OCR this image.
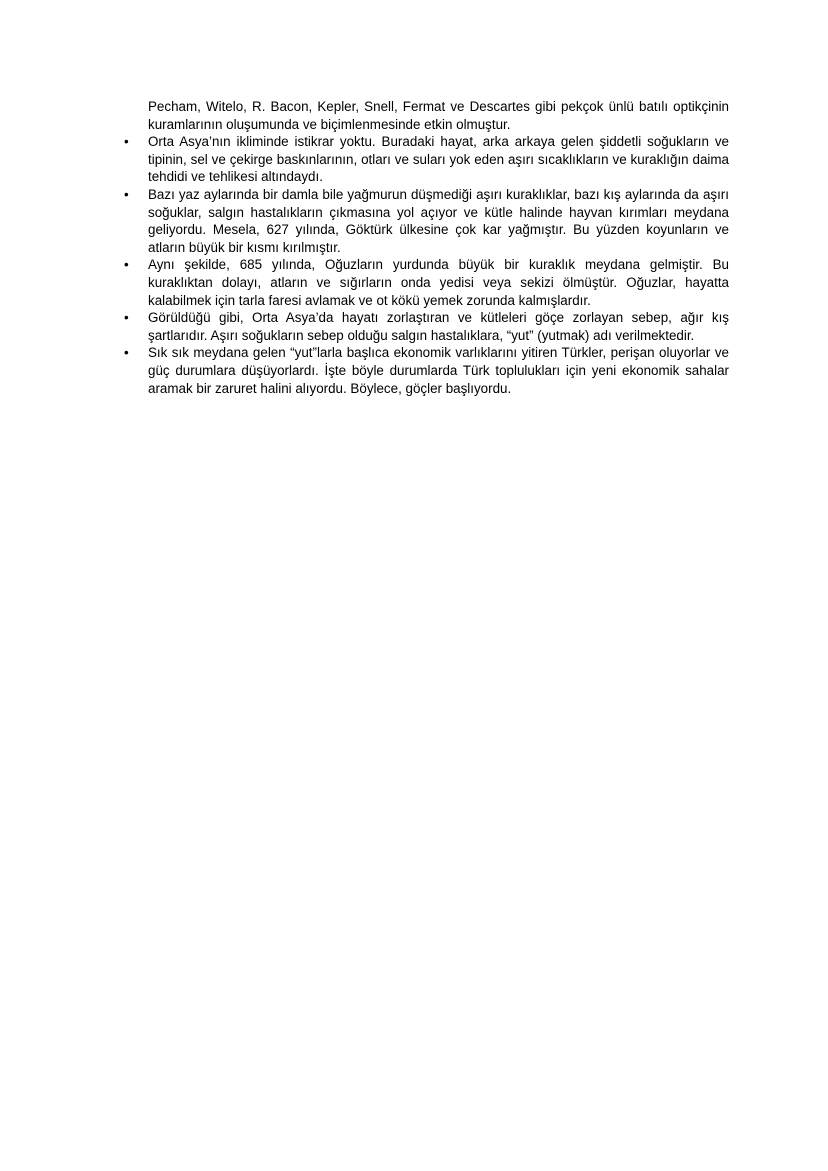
Pecham, Witelo, R. Bacon, Kepler, Snell, Fermat ve Descartes gibi pekçok ünlü batılı optikçinin kuramlarının oluşumunda ve biçimlenmesinde etkin olmuştur.

•	Orta Asya’nın ikliminde istikrar yoktu. Buradaki hayat, arka arkaya gelen şiddetli soğukların ve tipinin, sel ve çekirge baskınlarının, otları ve suları yok eden aşırı sıcaklıkların ve kuraklığın daima tehdidi ve tehlikesi altındaydı.
•	Bazı yaz aylarında bir damla bile yağmurun düşmediği aşırı kuraklıklar, bazı kış aylarında da aşırı soğuklar, salgın hastalıkların çıkmasına yol açıyor ve kütle halinde hayvan kırımları meydana geliyordu. Mesela, 627 yılında, Göktürk ülkesine çok kar yağmıştır. Bu yüzden koyunların ve atların büyük bir kısmı kırılmıştır.
•	Aynı şekilde, 685 yılında, Oğuzların yurdunda büyük bir kuraklık meydana gelmiştir. Bu kuraklıktan dolayı, atların ve sığırların onda yedisi veya sekizi ölmüştür. Oğuzlar, hayatta kalabilmek için tarla faresi avlamak ve ot kökü yemek zorunda kalmışlardır.
•	Görüldüğü gibi, Orta Asya’da hayatı zorlaştıran ve kütleleri göçe zorlayan sebep, ağır kış şartlarıdır. Aşırı soğukların sebep olduğu salgın hastalıklara, “yut” (yutmak) adı verilmektedir.
•	Sık sık meydana gelen “yut”larla başlıca ekonomik varlıklarını yitiren Türkler, perişan oluyorlar ve güç durumlara düşüyorlardı. İşte böyle durumlarda Türk toplulukları için yeni ekonomik sahalar aramak bir zaruret halini alıyordu. Böylece, göçler başlıyordu.
